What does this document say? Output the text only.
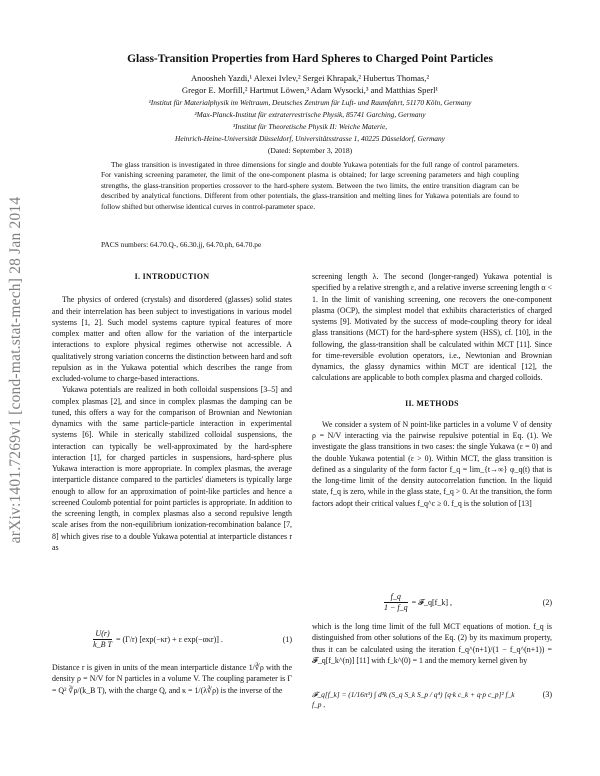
arXiv:1401.7269v1 [cond-mat.stat-mech] 28 Jan 2014
Glass-Transition Properties from Hard Spheres to Charged Point Particles
Anoosheh Yazdi,¹ Alexei Ivlev,² Sergei Khrapak,² Hubertus Thomas,²
Gregor E. Morfill,² Hartmut Löwen,³ Adam Wysocki,³ and Matthias Sperl¹
¹Institut für Materialphysik im Weltraum, Deutsches Zentrum für Luft- und Raumfahrt, 51170 Köln, Germany
²Max-Planck-Institut für extraterrestrische Physik, 85741 Garching, Germany
³Institut für Theoretische Physik II: Weiche Materie,
Heinrich-Heine-Universität Düsseldorf, Universitätsstrasse 1, 40225 Düsseldorf, Germany
(Dated: September 3, 2018)
The glass transition is investigated in three dimensions for single and double Yukawa potentials for the full range of control parameters. For vanishing screening parameter, the limit of the one-component plasma is obtained; for large screening parameters and high coupling strengths, the glass-transition properties crossover to the hard-sphere system. Between the two limits, the entire transition diagram can be described by analytical functions. Different from other potentials, the glass-transition and melting lines for Yukawa potentials are found to follow shifted but otherwise identical curves in control-parameter space.
PACS numbers: 64.70.Q-, 66.30.jj, 64.70.ph, 64.70.pe
I. INTRODUCTION

The physics of ordered (crystals) and disordered (glasses) solid states and their interrelation has been subject to investigations in various model systems [1, 2]. Such model systems capture typical features of more complex matter and often allow for the variation of the interparticle interactions to explore physical regimes otherwise not accessible. A qualitatively strong variation concerns the distinction between hard and soft repulsion as in the Yukawa potential which describes the range from excluded-volume to charge-based interactions.

Yukawa potentials are realized in both colloidal suspensions [3–5] and complex plasmas [2], and since in complex plasmas the damping can be tuned, this offers a way for the comparison of Brownian and Newtonian dynamics with the same particle-particle interaction in experimental systems [6]. While in sterically stabilized colloidal suspensions, the interaction can typically be well-approximated by the hard-sphere interaction [1], for charged particles in suspensions, hard-sphere plus Yukawa interaction is more appropriate. In complex plasmas, the average interparticle distance compared to the particles' diameters is typically large enough to allow for an approximation of point-like particles and hence a screened Coulomb potential for point particles is appropriate. In addition to the screening length, in complex plasmas also a second repulsive length scale arises from the non-equilibrium ionization-recombination balance [7, 8] which gives rise to a double Yukawa potential at interparticle distances r as

$\frac{U(r)}{\text{k\_B T}} = (\Gamma/r) [\exp(-\kappa r) + \varepsilon$ exp(−ακr)] .	(1)

Distance r is given in units of the mean interparticle distance 1/∛ρ with the density ρ = N/V for N particles in a volume V. The coupling parameter is Γ = Q² ∛ρ/(k_B T), with the charge Q, and κ = 1/(λ∛ρ) is the inverse of the

screening length λ. The second (longer-ranged) Yukawa potential is specified by a relative strength ε, and a relative inverse screening length α < 1. In the limit of vanishing screening, one recovers the one-component plasma (OCP), the simplest model that exhibits characteristics of charged systems [9]. Motivated by the success of mode-coupling theory for ideal glass transitions (MCT) for the hard-sphere system (HSS), cf. [10], in the following, the glass-transition shall be calculated within MCT [11]. Since for time-reversible evolution operators, i.e., Newtonian and Brownian dynamics, the glassy dynamics within MCT are identical [12], the calculations are applicable to both complex plasma and charged colloids.

II. METHODS

We consider a system of N point-like particles in a volume V of density ρ = N/V interacting via the pairwise repulsive potential in Eq. (1). We investigate the glass transitions in two cases: the single Yukawa (ε = 0) and the double Yukawa potential (ε > 0). Within MCT, the glass transition is defined as a singularity of the form factor f_q = lim_{t→∞} φ_q(t) that is the long-time limit of the density autocorrelation function. In the liquid state, f_q is zero, while in the glass state, f_q > 0. At the transition, the form factors adopt their critical values f_q^c ≥ 0. f_q is the solution of [13]

$\frac{f\_q}{1 - f\_q}$ = 𝓕_q[f_k] ,	(2)

which is the long time limit of the full MCT equations of motion. f_q is distinguished from other solutions of the Eq. (2) by its maximum property, thus it can be calculated using the iteration f_q^(n+1)/(1 − f_q^(n+1)) = 𝓕_q[f_k^(n)] [11] with f_k^(0) = 1 and the memory kernel given by

𝓕_q[f_k] = (1/16π³) ∫ d³k (S_q S_k S_p / q⁴) [q·k c_k + q·p c_p]² f_k f_p ,
(3)
